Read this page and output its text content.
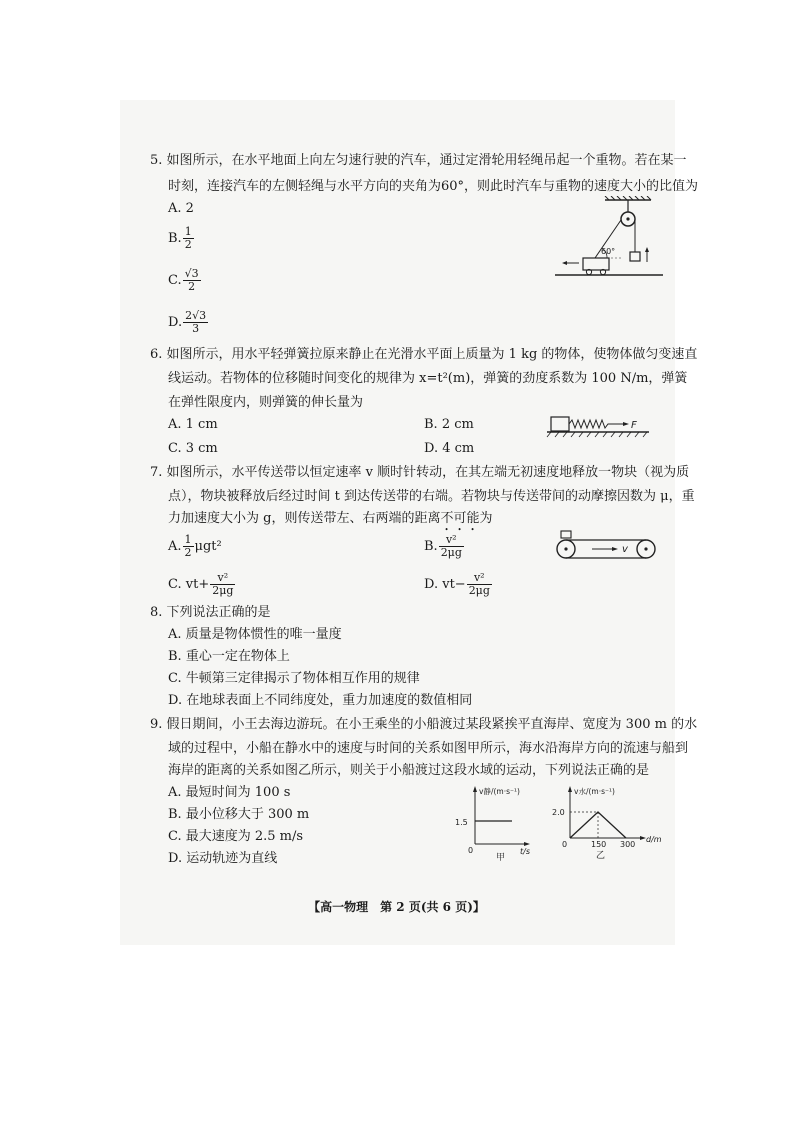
5. 如图所示，在水平地面上向左匀速行驶的汽车，通过定滑轮用轻绳吊起一个重物。若在某一
时刻，连接汽车的左侧轻绳与水平方向的夹角为60°，则此时汽车与重物的速度大小的比值为
A. 2
B. $\frac{1}{2}$
C. $\frac{√3}{2}$
D. $\frac{2√3}{3}$
60°
6. 如图所示，用水平轻弹簧拉原来静止在光滑水平面上质量为 1 kg 的物体，使物体做匀变速直
线运动。若物体的位移随时间变化的规律为 x=t²(m)，弹簧的劲度系数为 100 N/m，弹簧
在弹性限度内，则弹簧的伸长量为
A. 1 cm	B. 2 cm
C. 3 cm	D. 4 cm
F
7. 如图所示，水平传送带以恒定速率 v 顺时针转动，在其左端无初速度地释放一物块（视为质
点），物块被释放后经过时间 t 到达传送带的右端。若物块与传送带间的动摩擦因数为 μ，重
力加速度大小为 g，则传送带左、右两端的距离不可能为
A. $\frac{1}{2} \mu gt^2$	B. $\frac{\text{v²}}{2\mu g}$
C. $vt+ \frac{\text{v²}}{2\mu g}$	D. $vt- \frac{\text{v²}}{2\mu g}$
v
8. 下列说法正确的是
A. 质量是物体惯性的唯一量度
B. 重心一定在物体上
C. 牛顿第三定律揭示了物体相互作用的规律
D. 在地球表面上不同纬度处，重力加速度的数值相同
9. 假日期间，小王去海边游玩。在小王乘坐的小船渡过某段紧挨平直海岸、宽度为 300 m 的水
域的过程中，小船在静水中的速度与时间的关系如图甲所示，海水沿海岸方向的流速与船到
海岸的距离的关系如图乙所示，则关于小船渡过这段水域的运动，下列说法正确的是
A. 最短时间为 100 s
B. 最小位移大于 300 m
C. 最大速度为 2.5 m/s
D. 运动轨迹为直线
v静/(m·s⁻¹)
1.5
0	t/s
甲
v水/(m·s⁻¹)
2.0
0	150 300
d/m
乙
【高一物理　第 2 页(共 6 页)】
